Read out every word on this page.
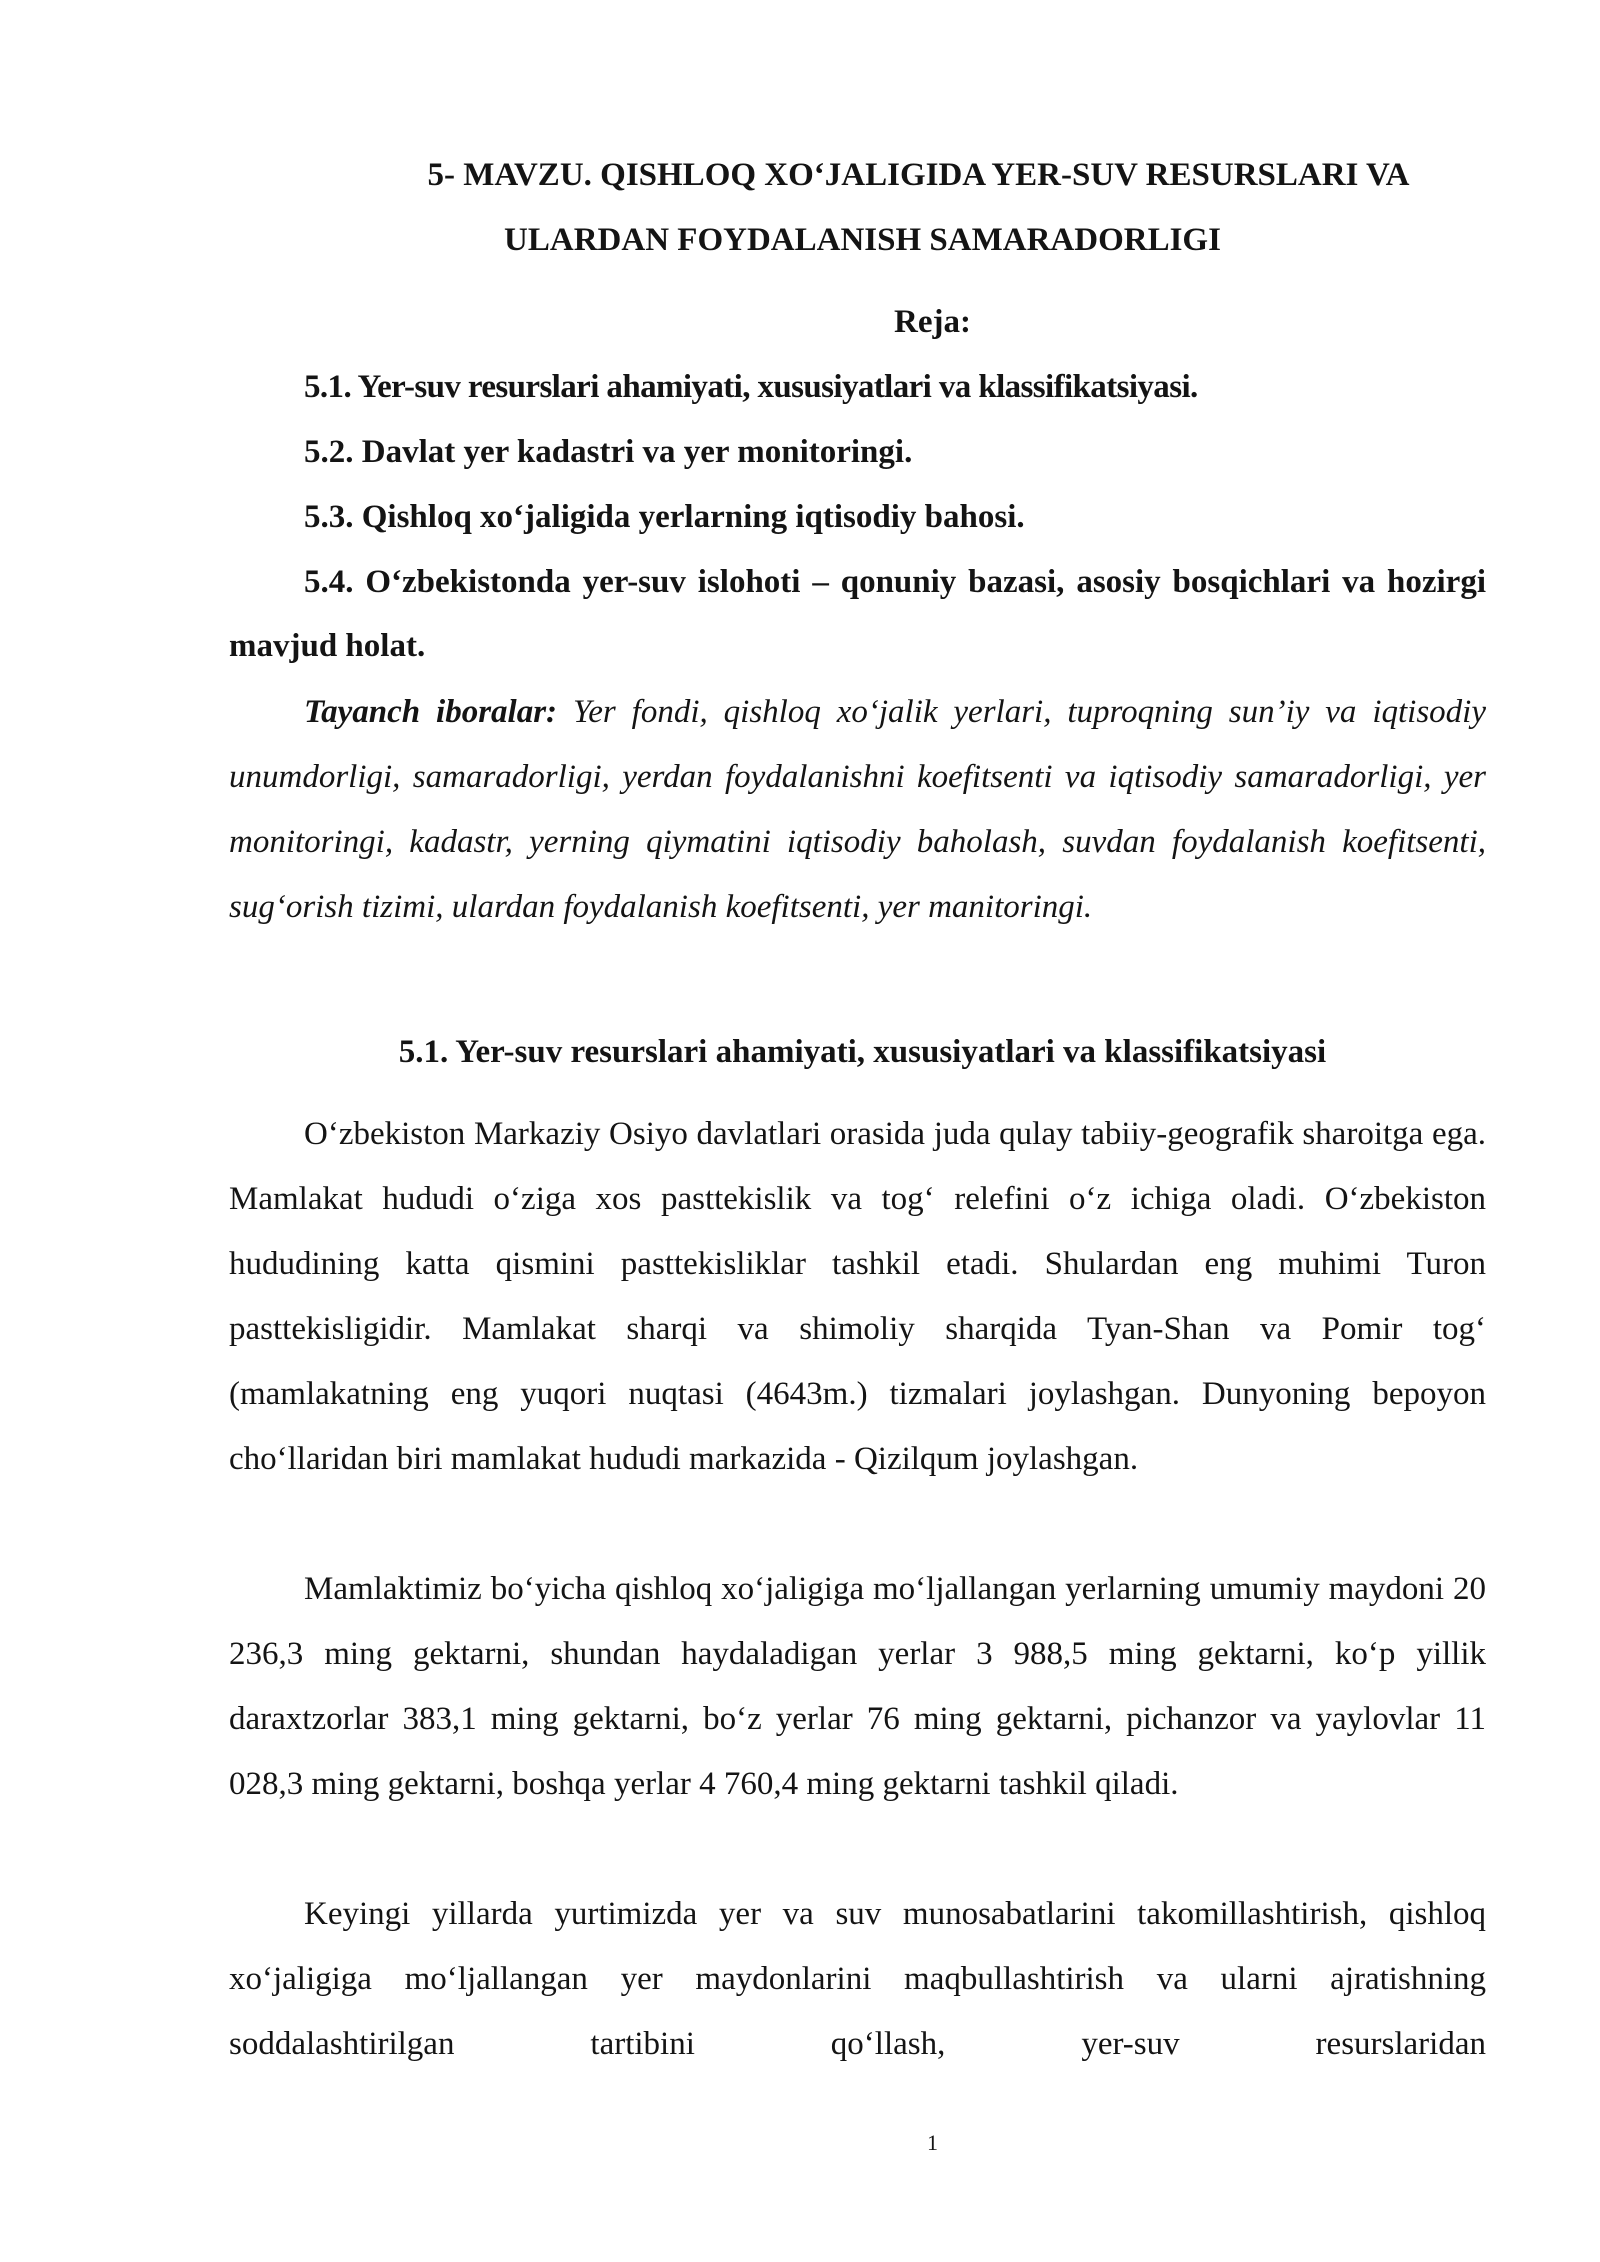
5- MAVZU. QISHLOQ XO‘JALIGIDA YER-SUV RESURSLARI VA
ULARDAN FOYDALANISH SAMARADORLIGI
Reja:
5.1. Yer-suv resurslari ahamiyati, xususiyatlari va klassifikatsiyasi.
5.2. Davlat yer kadastri va yer monitoringi.
5.3. Qishloq xo‘jaligida yerlarning iqtisodiy bahosi.
5.4. O‘zbekistonda yer-suv islohoti – qonuniy bazasi, asosiy bosqichlari va hozirgi mavjud holat.
Tayanch iboralar: Yer fondi, qishloq xo‘jalik yerlari, tuproqning sun’iy va iqtisodiy unumdorligi, samaradorligi, yerdan foydalanishni koefitsenti va iqtisodiy samaradorligi, yer monitoringi, kadastr, yerning qiymatini iqtisodiy baholash, suvdan foydalanish koefitsenti, sug‘orish tizimi, ulardan foydalanish koefitsenti, yer manitoringi.
5.1. Yer-suv resurslari ahamiyati, xususiyatlari va klassifikatsiyasi
O‘zbekiston Markaziy Osiyo davlatlari orasida juda qulay tabiiy-geografik sharoitga ega. Mamlakat hududi o‘ziga xos pasttekislik va tog‘ relefini o‘z ichiga oladi. O‘zbekiston hududining katta qismini pasttekisliklar tashkil etadi. Shulardan eng muhimi Turon pasttekisligidir. Mamlakat sharqi va shimoliy sharqida Tyan-Shan va Pomir tog‘ (mamlakatning eng yuqori nuqtasi (4643m.) tizmalari joylashgan. Dunyoning bepoyon cho‘llaridan biri mamlakat hududi markazida - Qizilqum joylashgan.
Mamlaktimiz bo‘yicha qishloq xo‘jaligiga mo‘ljallangan yerlarning umumiy maydoni 20 236,3 ming gektarni, shundan haydaladigan yerlar 3 988,5 ming gektarni, ko‘p yillik daraxtzorlar 383,1 ming gektarni, bo‘z yerlar 76 ming gektarni, pichanzor va yaylovlar 11 028,3 ming gektarni, boshqa yerlar 4 760,4 ming gektarni tashkil qiladi.
Keyingi yillarda yurtimizda yer va suv munosabatlarini takomillashtirish, qishloq xo‘jaligiga mo‘ljallangan yer maydonlarini maqbullashtirish va ularni ajratishning soddalashtirilgan tartibini qo‘llash, yer-suv resurslaridan
1
